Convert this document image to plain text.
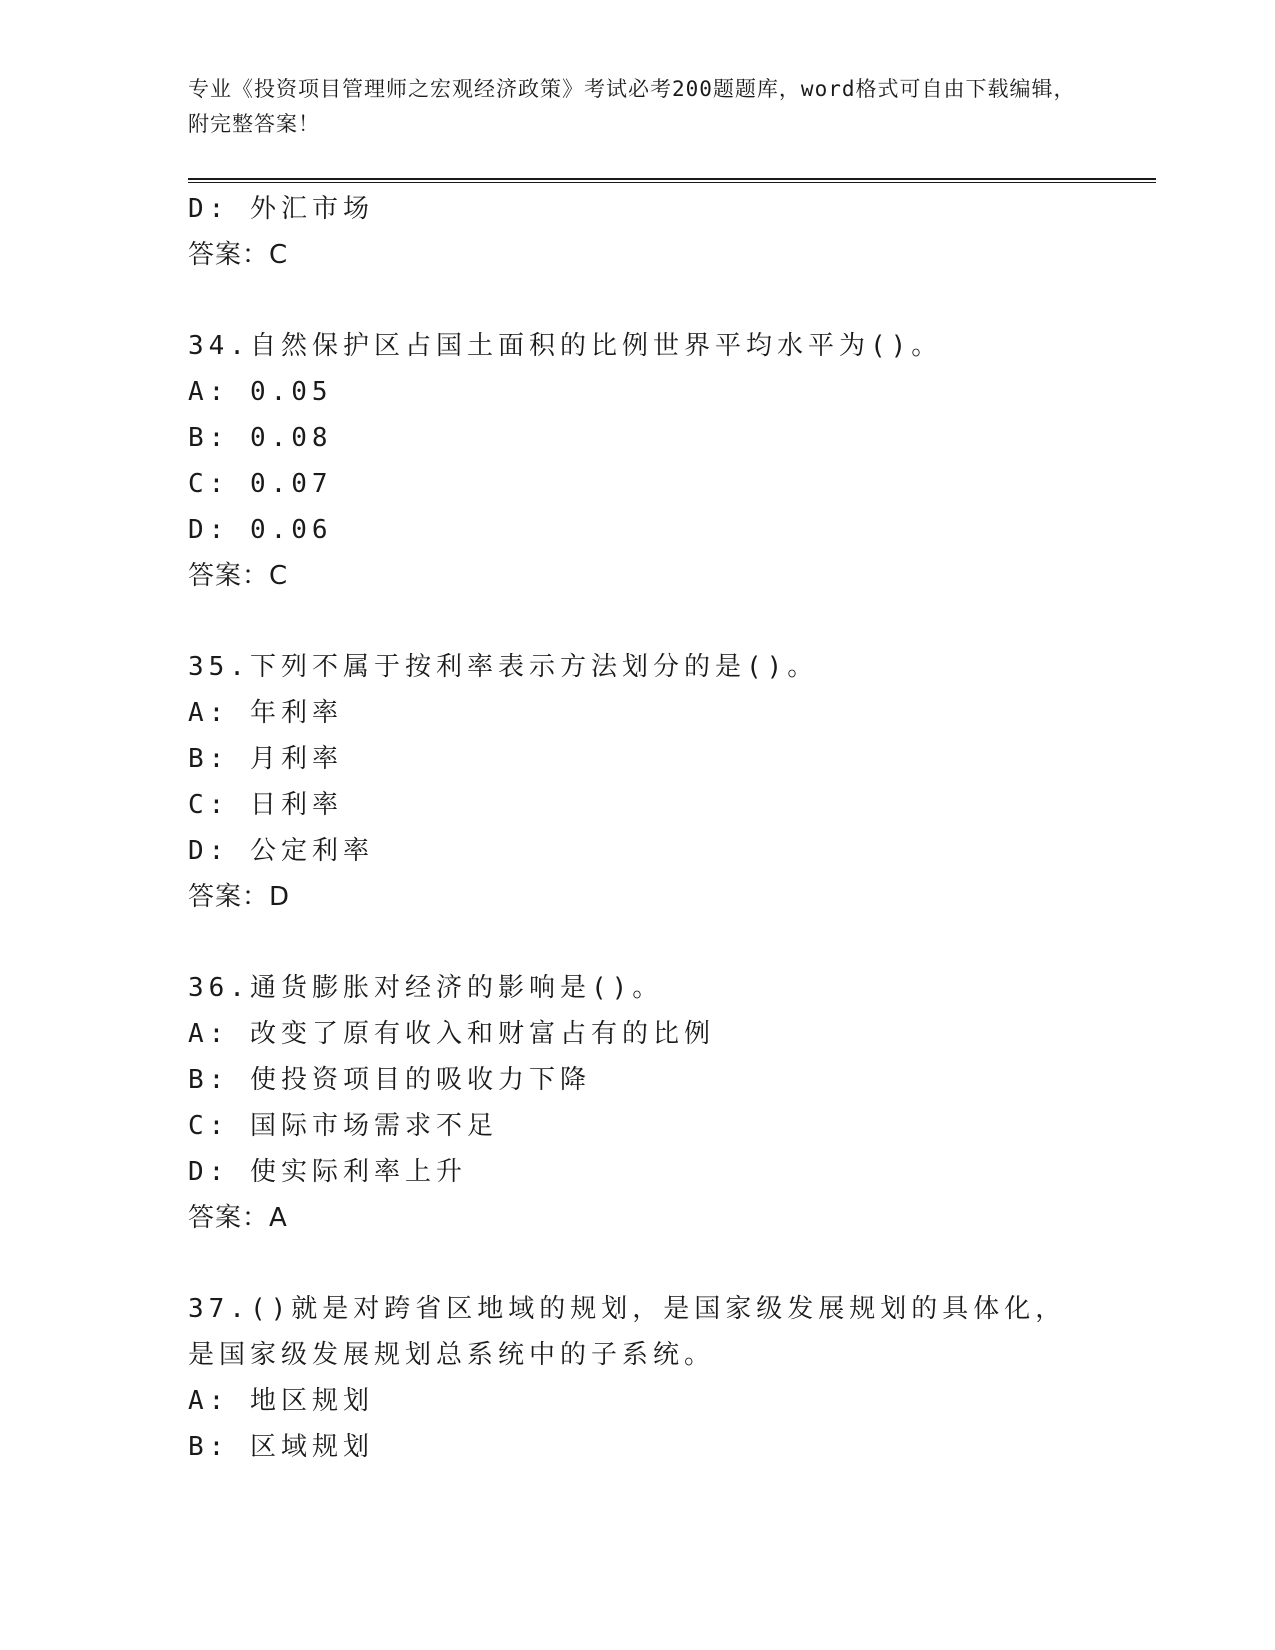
专业《投资项目管理师之宏观经济政策》考试必考200题题库，word格式可自由下载编辑，附完整答案！
D: 外汇市场
答案：C
34.自然保护区占国土面积的比例世界平均水平为()。
A: 0.05
B: 0.08
C: 0.07
D: 0.06
答案：C
35.下列不属于按利率表示方法划分的是()。
A: 年利率
B: 月利率
C: 日利率
D: 公定利率
答案：D
36.通货膨胀对经济的影响是()。
A: 改变了原有收入和财富占有的比例
B: 使投资项目的吸收力下降
C: 国际市场需求不足
D: 使实际利率上升
答案：A
37.()就是对跨省区地域的规划，是国家级发展规划的具体化，是国家级发展规划总系统中的子系统。
A: 地区规划
B: 区域规划
